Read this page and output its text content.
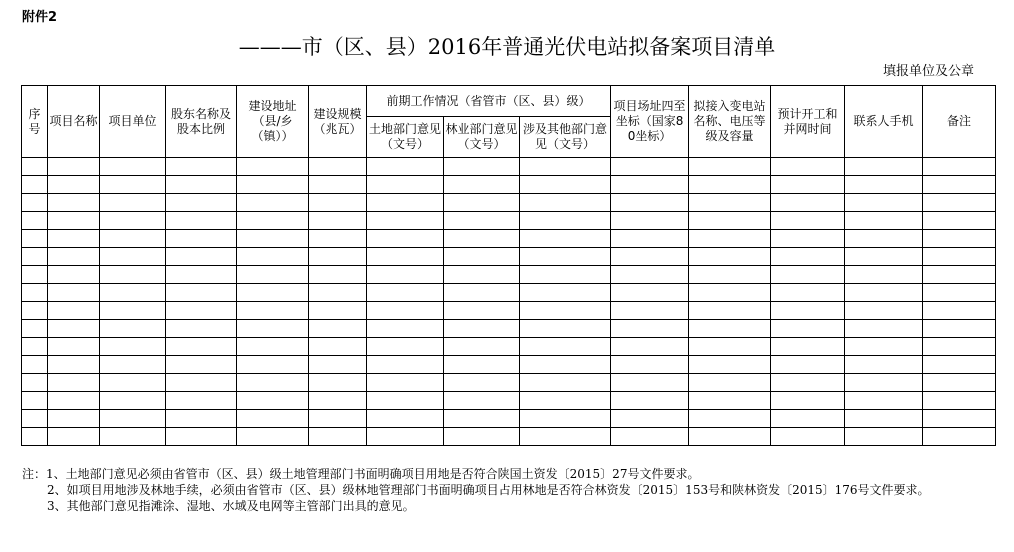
附件2
———市（区、县）2016年普通光伏电站拟备案项目清单
填报单位及公章
序号	项目名称	项目单位	股东名称及股本比例	建设地址（县/乡（镇））	建设规模（兆瓦）	前期工作情况（省管市（区、县）级）			项目场址四至坐标（国家80坐标）	拟接入变电站名称、电压等级及容量	预计开工和并网时间	联系人手机	备注
						土地部门意见（文号）	林业部门意见（文号）	涉及其他部门意见（文号）					

注：1、土地部门意见必须由省管市（区、县）级土地管理部门书面明确项目用地是否符合陕国土资发〔2015〕27号文件要求。
2、如项目用地涉及林地手续，必须由省管市（区、县）级林地管理部门书面明确项目占用林地是否符合林资发〔2015〕153号和陕林资发〔2015〕176号文件要求。
3、其他部门意见指滩涂、湿地、水域及电网等主管部门出具的意见。
